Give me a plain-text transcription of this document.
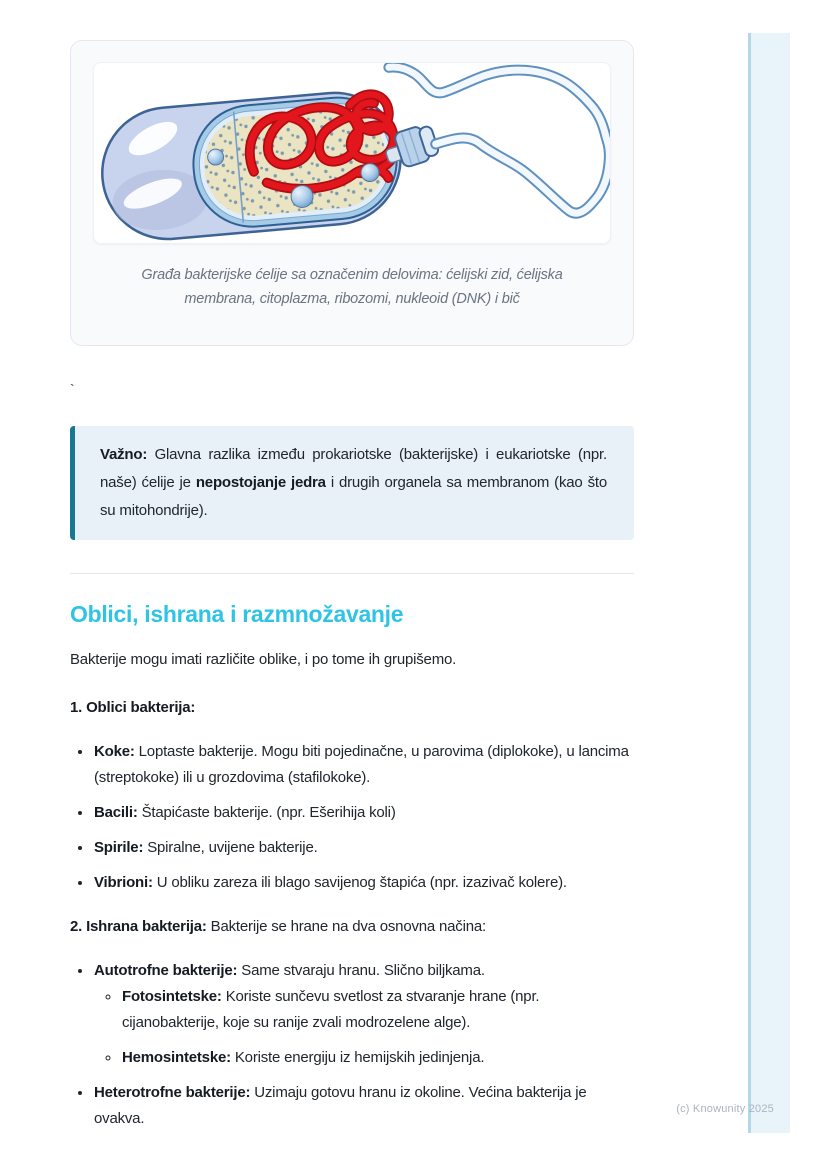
Građa bakterijske ćelije sa označenim delovima: ćelijski zid, ćelijska membrana, citoplazma, ribozomi, nukleoid (DNK) i bič
`
Važno: Glavna razlika između prokariotske (bakterijske) i eukariotske (npr. naše) ćelije je nepostojanje jedra i drugih organela sa membranom (kao što su mitohondrije).
Oblici, ishrana i razmnožavanje

Bakterije mogu imati različite oblike, i po tome ih grupišemo.

1. Oblici bakterija:
• Koke: Loptaste bakterije. Mogu biti pojedinačne, u parovima (diplokoke), u lancima (streptokoke) ili u grozdovima (stafilokoke).
• Bacili: Štapićaste bakterije. (npr. Ešerihija koli)
• Spirile: Spiralne, uvijene bakterije.
• Vibrioni: U obliku zareza ili blago savijenog štapića (npr. izazivač kolere).

2. Ishrana bakterija: Bakterije se hrane na dva osnovna načina:

• Autotrofne bakterije: Same stvaraju hranu. Slično biljkama.
◦ Fotosintetske: Koriste sunčevu svetlost za stvaranje hrane (npr. cijanobakterije, koje su ranije zvali modrozelene alge).
◦ Hemosintetske: Koriste energiju iz hemijskih jedinjenja.
• Heterotrofne bakterije: Uzimaju gotovu hranu iz okoline. Većina bakterija je ovakva.
(c) Knowunity 2025
